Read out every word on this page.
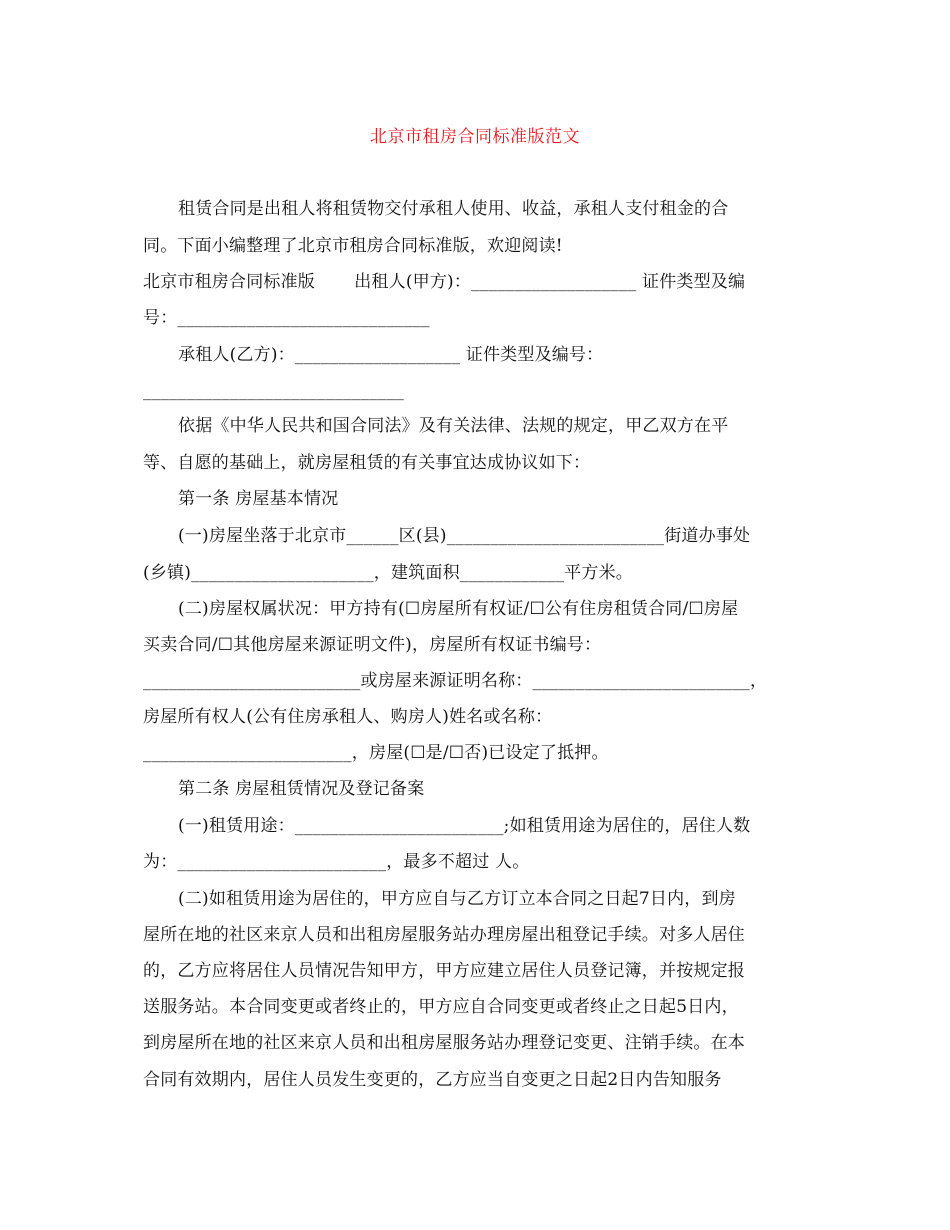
北京市租房合同标准版范文
租赁合同是出租人将租赁物交付承租人使用、收益，承租人支付租金的合
同。下面小编整理了北京市租房合同标准版，欢迎阅读!
北京市租房合同标准版       出租人(甲方)：___________________ 证件类型及编
号：_____________________________
承租人(乙方)：___________________ 证件类型及编号：
______________________________
依据《中华人民共和国合同法》及有关法律、法规的规定，甲乙双方在平
等、自愿的基础上，就房屋租赁的有关事宜达成协议如下：
第一条 房屋基本情况
(一)房屋坐落于北京市______区(县)_________________________街道办事处
(乡镇)_____________________，建筑面积____________平方米。
(二)房屋权属状况：甲方持有(☐房屋所有权证/☐公有住房租赁合同/☐房屋
买卖合同/☐其他房屋来源证明文件)，房屋所有权证书编号：
_________________________或房屋来源证明名称：_________________________，
房屋所有权人(公有住房承租人、购房人)姓名或名称：
________________________，房屋(☐是/☐否)已设定了抵押。
第二条 房屋租赁情况及登记备案
(一)租赁用途：________________________;如租赁用途为居住的，居住人数
为：________________________，最多不超过 人。
(二)如租赁用途为居住的，甲方应自与乙方订立本合同之日起7日内，到房
屋所在地的社区来京人员和出租房屋服务站办理房屋出租登记手续。对多人居住
的，乙方应将居住人员情况告知甲方，甲方应建立居住人员登记簿，并按规定报
送服务站。本合同变更或者终止的，甲方应自合同变更或者终止之日起5日内，
到房屋所在地的社区来京人员和出租房屋服务站办理登记变更、注销手续。在本
合同有效期内，居住人员发生变更的，乙方应当自变更之日起2日内告知服务
